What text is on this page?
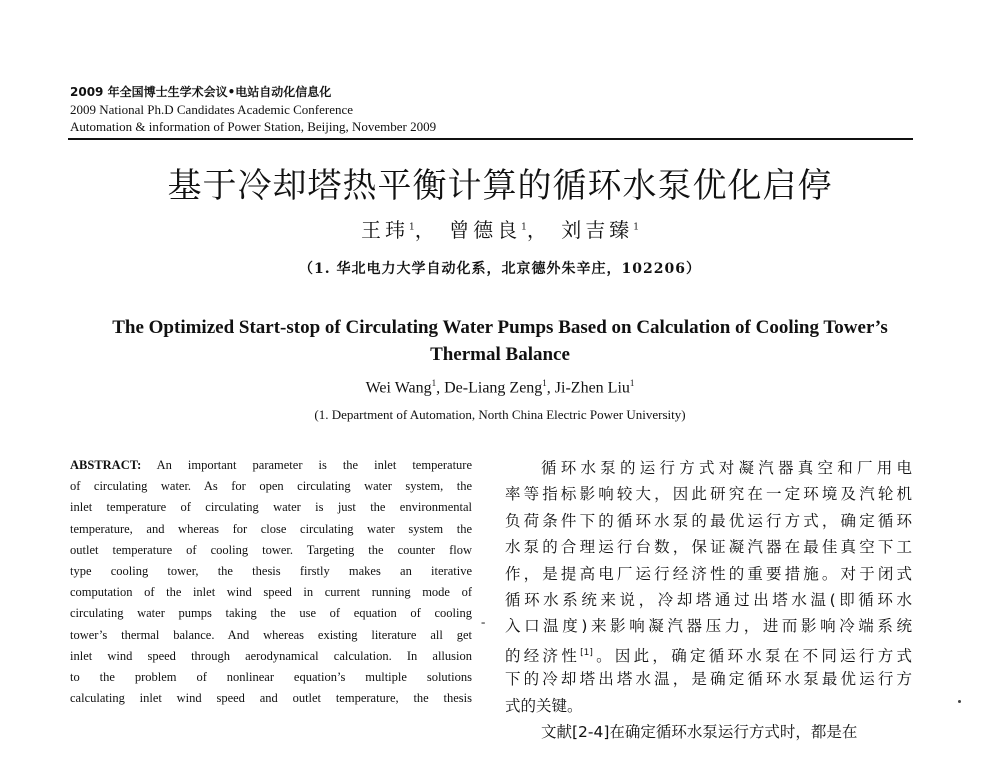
2009 年全国博士生学术会议•电站自动化信息化
2009 National Ph.D Candidates Academic Conference
Automation & information of Power Station, Beijing, November 2009
基于冷却塔热平衡计算的循环水泵优化启停
王玮$^1$， 曾德良$^1$， 刘吉臻$^1$
（1. 华北电力大学自动化系，北京德外朱辛庄，102206）
The Optimized Start-stop of Circulating Water Pumps Based on Calculation of Cooling Tower’s Thermal Balance
Wei Wang$^1$, De-Liang Zeng$^1$, Ji-Zhen Liu$^1$
(1. Department of Automation, North China Electric Power University)
ABSTRACT: An important parameter is the inlet temperature
of circulating water. As for open circulating water system, the
inlet temperature of circulating water is just the environmental
temperature, and whereas for close circulating water system the
outlet temperature of cooling tower. Targeting the counter flow
type cooling tower, the thesis firstly makes an iterative
computation of the inlet wind speed in current running mode of
circulating water pumps taking the use of equation of cooling
tower’s thermal balance. And whereas existing literature all get
inlet wind speed through aerodynamical calculation. In allusion
to the problem of nonlinear equation’s multiple solutions
calculating inlet wind speed and outlet temperature, the thesis
-
循环水泵的运行方式对凝汽器真空和厂用电
率等指标影响较大，因此研究在一定环境及汽轮机
负荷条件下的循环水泵的最优运行方式，确定循环
水泵的合理运行台数，保证凝汽器在最佳真空下工
作，是提高电厂运行经济性的重要措施。对于闭式
循环水系统来说，冷却塔通过出塔水温(即循环水
入口温度)来影响凝汽器压力，进而影响冷端系统
的经济性[1]。因此，确定循环水泵在不同运行方式
下的冷却塔出塔水温，是确定循环水泵最优运行方
式的关键。
文献[2-4]在确定循环水泵运行方式时，都是在
